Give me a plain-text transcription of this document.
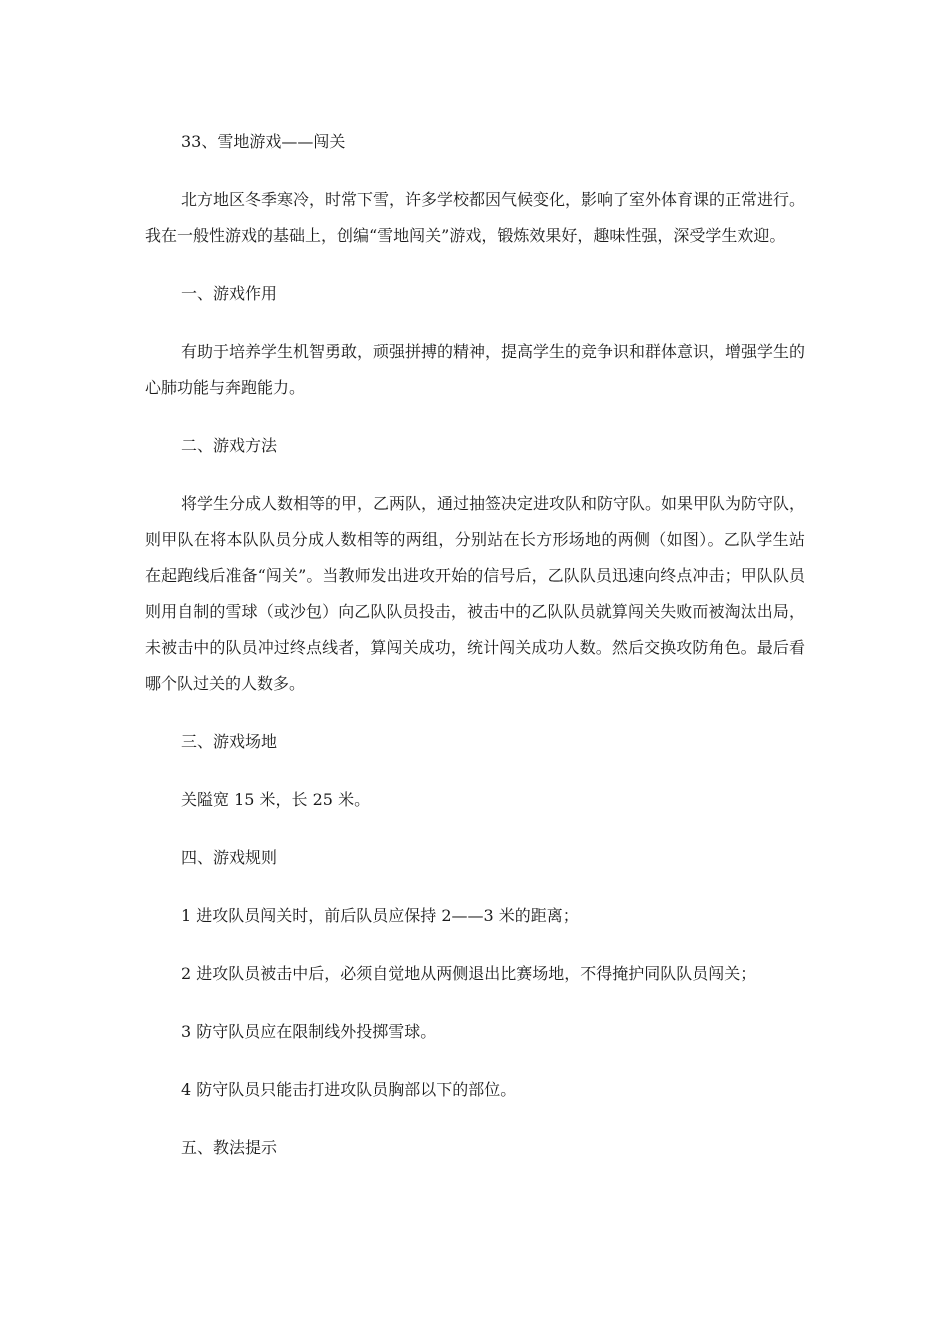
33、雪地游戏——闯关

北方地区冬季寒冷，时常下雪，许多学校都因气候变化，影响了室外体育课的正常进行。我在一般性游戏的基础上，创编“雪地闯关”游戏，锻炼效果好，趣味性强，深受学生欢迎。

一、游戏作用

有助于培养学生机智勇敢，顽强拼搏的精神，提高学生的竞争识和群体意识，增强学生的心肺功能与奔跑能力。

二、游戏方法

将学生分成人数相等的甲，乙两队，通过抽签决定进攻队和防守队。如果甲队为防守队，则甲队在将本队队员分成人数相等的两组，分别站在长方形场地的两侧（如图）。乙队学生站在起跑线后准备“闯关”。当教师发出进攻开始的信号后，乙队队员迅速向终点冲击；甲队队员则用自制的雪球（或沙包）向乙队队员投击，被击中的乙队队员就算闯关失败而被淘汰出局，未被击中的队员冲过终点线者，算闯关成功，统计闯关成功人数。然后交换攻防角色。最后看哪个队过关的人数多。

三、游戏场地

关隘宽 15 米，长 25 米。

四、游戏规则

1 进攻队员闯关时，前后队员应保持 2——3 米的距离；

2 进攻队员被击中后，必须自觉地从两侧退出比赛场地，不得掩护同队队员闯关；

3 防守队员应在限制线外投掷雪球。

4 防守队员只能击打进攻队员胸部以下的部位。

五、教法提示
